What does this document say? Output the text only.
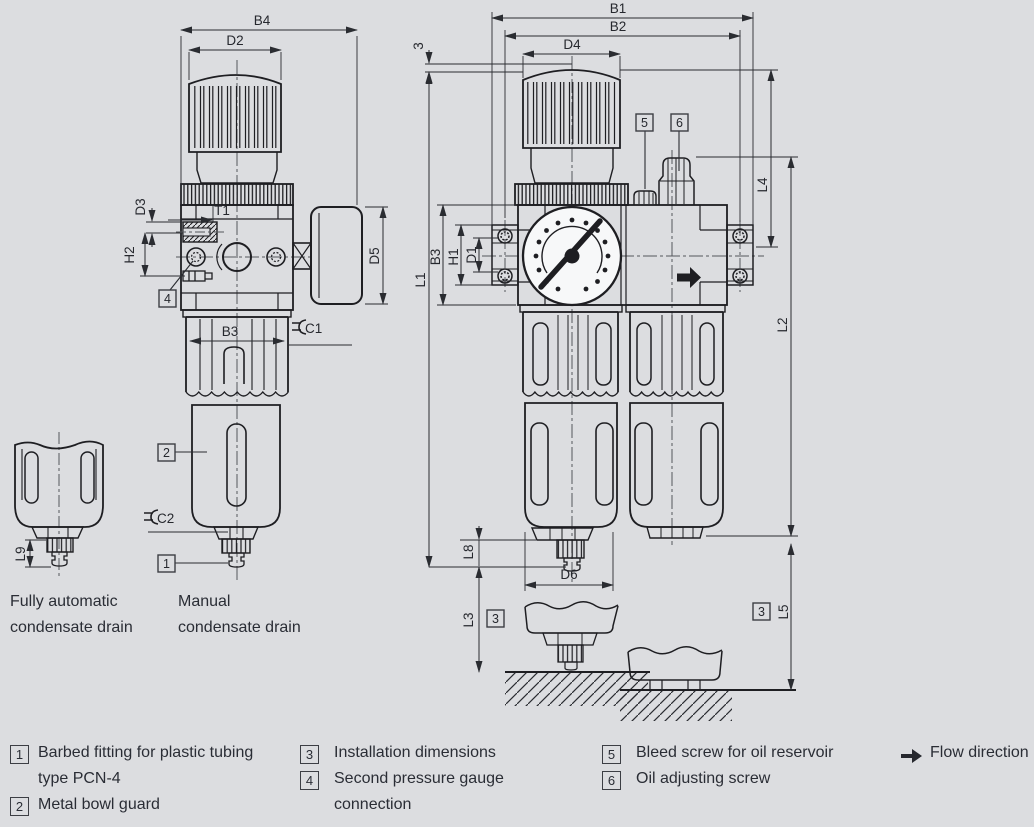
B4
D2
T1
D3
H2
B3
D5
L9
C1
C2
4
2
1
B1
B2
D4
3
L1
B3 H1 D1
L4
L2
L8
D6
L3
L5
5 6
3	3
Fully automatic
condensate drain
Manual
condensate drain
1 Barbed fitting for plastic tubing
type PCN-4
2 Metal bowl guard
3	Installation dimensions
4	Second pressure gauge
connection
5	Bleed screw for oil reservoir
6	Oil adjusting screw
Flow direction
